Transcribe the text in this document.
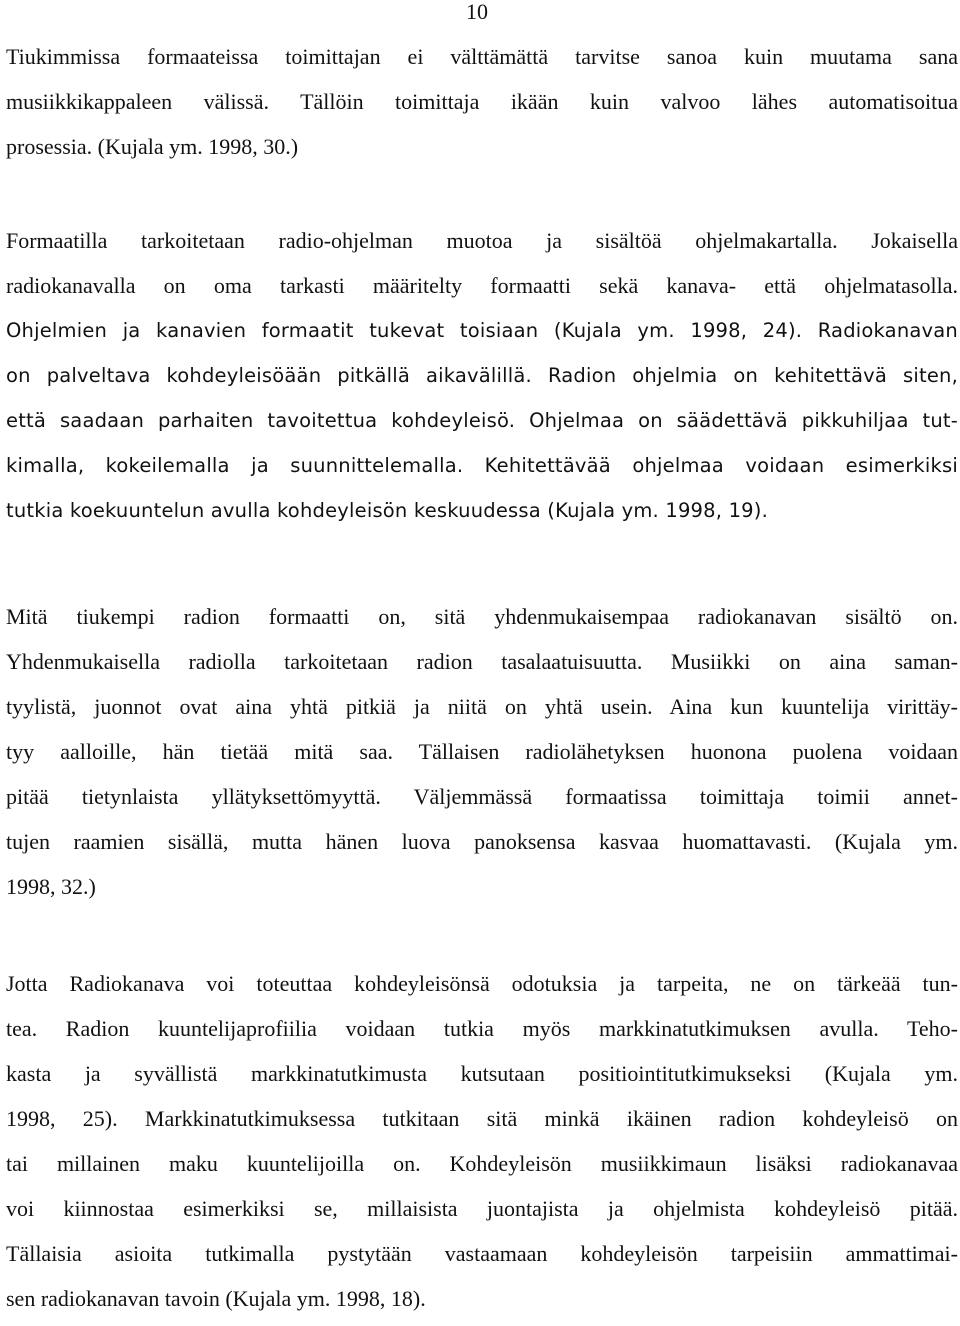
10

Tiukimmissa formaateissa toimittajan ei välttämättä tarvitse sanoa kuin muutama sana
musiikkikappaleen välissä. Tällöin toimittaja ikään kuin valvoo lähes automatisoitua
prosessia. (Kujala ym. 1998, 30.)

Formaatilla tarkoitetaan radio-ohjelman muotoa ja sisältöä ohjelmakartalla. Jokaisella
radiokanavalla on oma tarkasti määritelty formaatti sekä kanava- että ohjelmatasolla.
Ohjelmien ja kanavien formaatit tukevat toisiaan (Kujala ym. 1998, 24). Radiokanavan
on palveltava kohdeyleisöään pitkällä aikavälillä. Radion ohjelmia on kehitettävä siten,
että saadaan parhaiten tavoitettua kohdeyleisö. Ohjelmaa on säädettävä pikkuhiljaa tut-
kimalla, kokeilemalla ja suunnittelemalla. Kehitettävää ohjelmaa voidaan esimerkiksi
tutkia koekuuntelun avulla kohdeyleisön keskuudessa (Kujala ym. 1998, 19).

Mitä tiukempi radion formaatti on, sitä yhdenmukaisempaa radiokanavan sisältö on.
Yhdenmukaisella radiolla tarkoitetaan radion tasalaatuisuutta. Musiikki on aina saman-
tyylistä, juonnot ovat aina yhtä pitkiä ja niitä on yhtä usein. Aina kun kuuntelija virittäy-
tyy aalloille, hän tietää mitä saa. Tällaisen radiolähetyksen huonona puolena voidaan
pitää tietynlaista yllätyksettömyyttä. Väljemmässä formaatissa toimittaja toimii annet-
tujen raamien sisällä, mutta hänen luova panoksensa kasvaa huomattavasti. (Kujala ym.
1998, 32.)

Jotta Radiokanava voi toteuttaa kohdeyleisönsä odotuksia ja tarpeita, ne on tärkeää tun-
tea. Radion kuuntelijaprofiilia voidaan tutkia myös markkinatutkimuksen avulla. Teho-
kasta ja syvällistä markkinatutkimusta kutsutaan positiointitutkimukseksi (Kujala ym.
1998, 25). Markkinatutkimuksessa tutkitaan sitä minkä ikäinen radion kohdeyleisö on
tai millainen maku kuuntelijoilla on. Kohdeyleisön musiikkimaun lisäksi radiokanavaa
voi kiinnostaa esimerkiksi se, millaisista juontajista ja ohjelmista kohdeyleisö pitää.
Tällaisia asioita tutkimalla pystytään vastaamaan kohdeyleisön tarpeisiin ammattimai-
sen radiokanavan tavoin (Kujala ym. 1998, 18).
